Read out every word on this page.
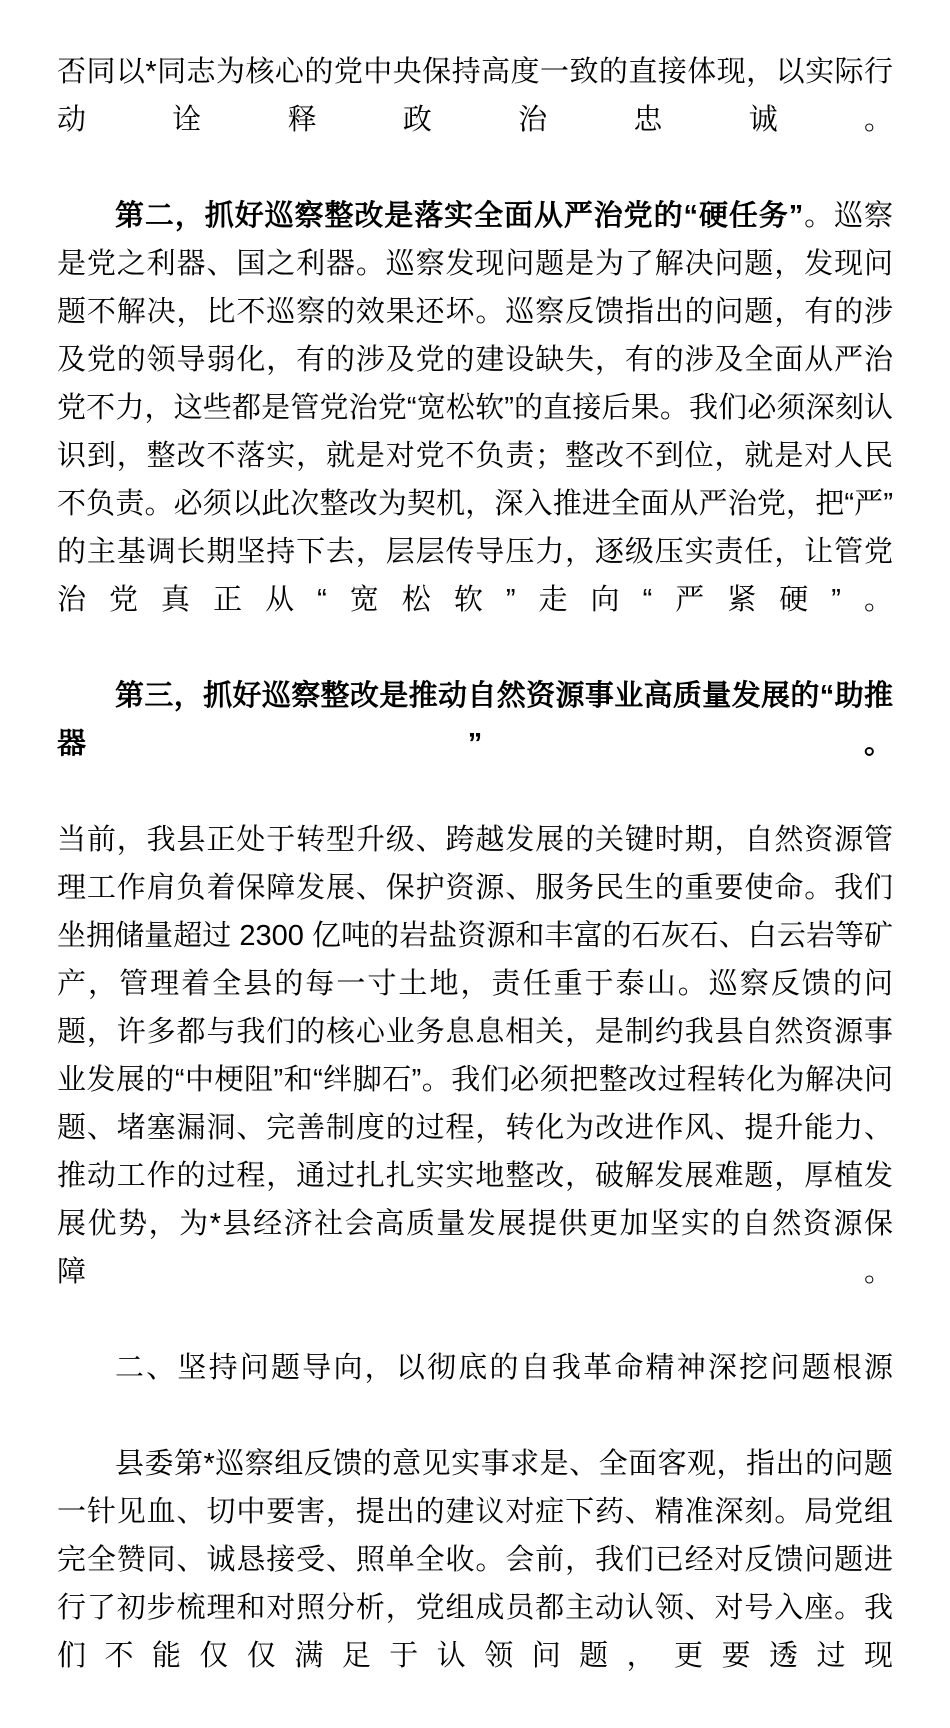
否同以*同志为核心的党中央保持高度一致的直接体现，以实际行动诠释政治忠诚。

第二，抓好巡察整改是落实全面从严治党的“硬任务”。巡察是党之利器、国之利器。巡察发现问题是为了解决问题，发现问题不解决，比不巡察的效果还坏。巡察反馈指出的问题，有的涉及党的领导弱化，有的涉及党的建设缺失，有的涉及全面从严治党不力，这些都是管党治党“宽松软”的直接后果。我们必须深刻认识到，整改不落实，就是对党不负责；整改不到位，就是对人民不负责。必须以此次整改为契机，深入推进全面从严治党，把“严”的主基调长期坚持下去，层层传导压力，逐级压实责任，让管党治党真正从“宽松软”走向“严紧硬”。

第三，抓好巡察整改是推动自然资源事业高质量发展的“助推器”。

当前，我县正处于转型升级、跨越发展的关键时期，自然资源管理工作肩负着保障发展、保护资源、服务民生的重要使命。我们坐拥储量超过 2300 亿吨的岩盐资源和丰富的石灰石、白云岩等矿产，管理着全县的每一寸土地，责任重于泰山。巡察反馈的问题，许多都与我们的核心业务息息相关，是制约我县自然资源事业发展的“中梗阻”和“绊脚石”。我们必须把整改过程转化为解决问题、堵塞漏洞、完善制度的过程，转化为改进作风、提升能力、推动工作的过程，通过扎扎实实地整改，破解发展难题，厚植发展优势，为*县经济社会高质量发展提供更加坚实的自然资源保障。

二、坚持问题导向，以彻底的自我革命精神深挖问题根源

县委第*巡察组反馈的意见实事求是、全面客观，指出的问题一针见血、切中要害，提出的建议对症下药、精准深刻。局党组完全赞同、诚恳接受、照单全收。会前，我们已经对反馈问题进行了初步梳理和对照分析，党组成员都主动认领、对号入座。我们不能仅仅满足于认领问题，更要透过现
